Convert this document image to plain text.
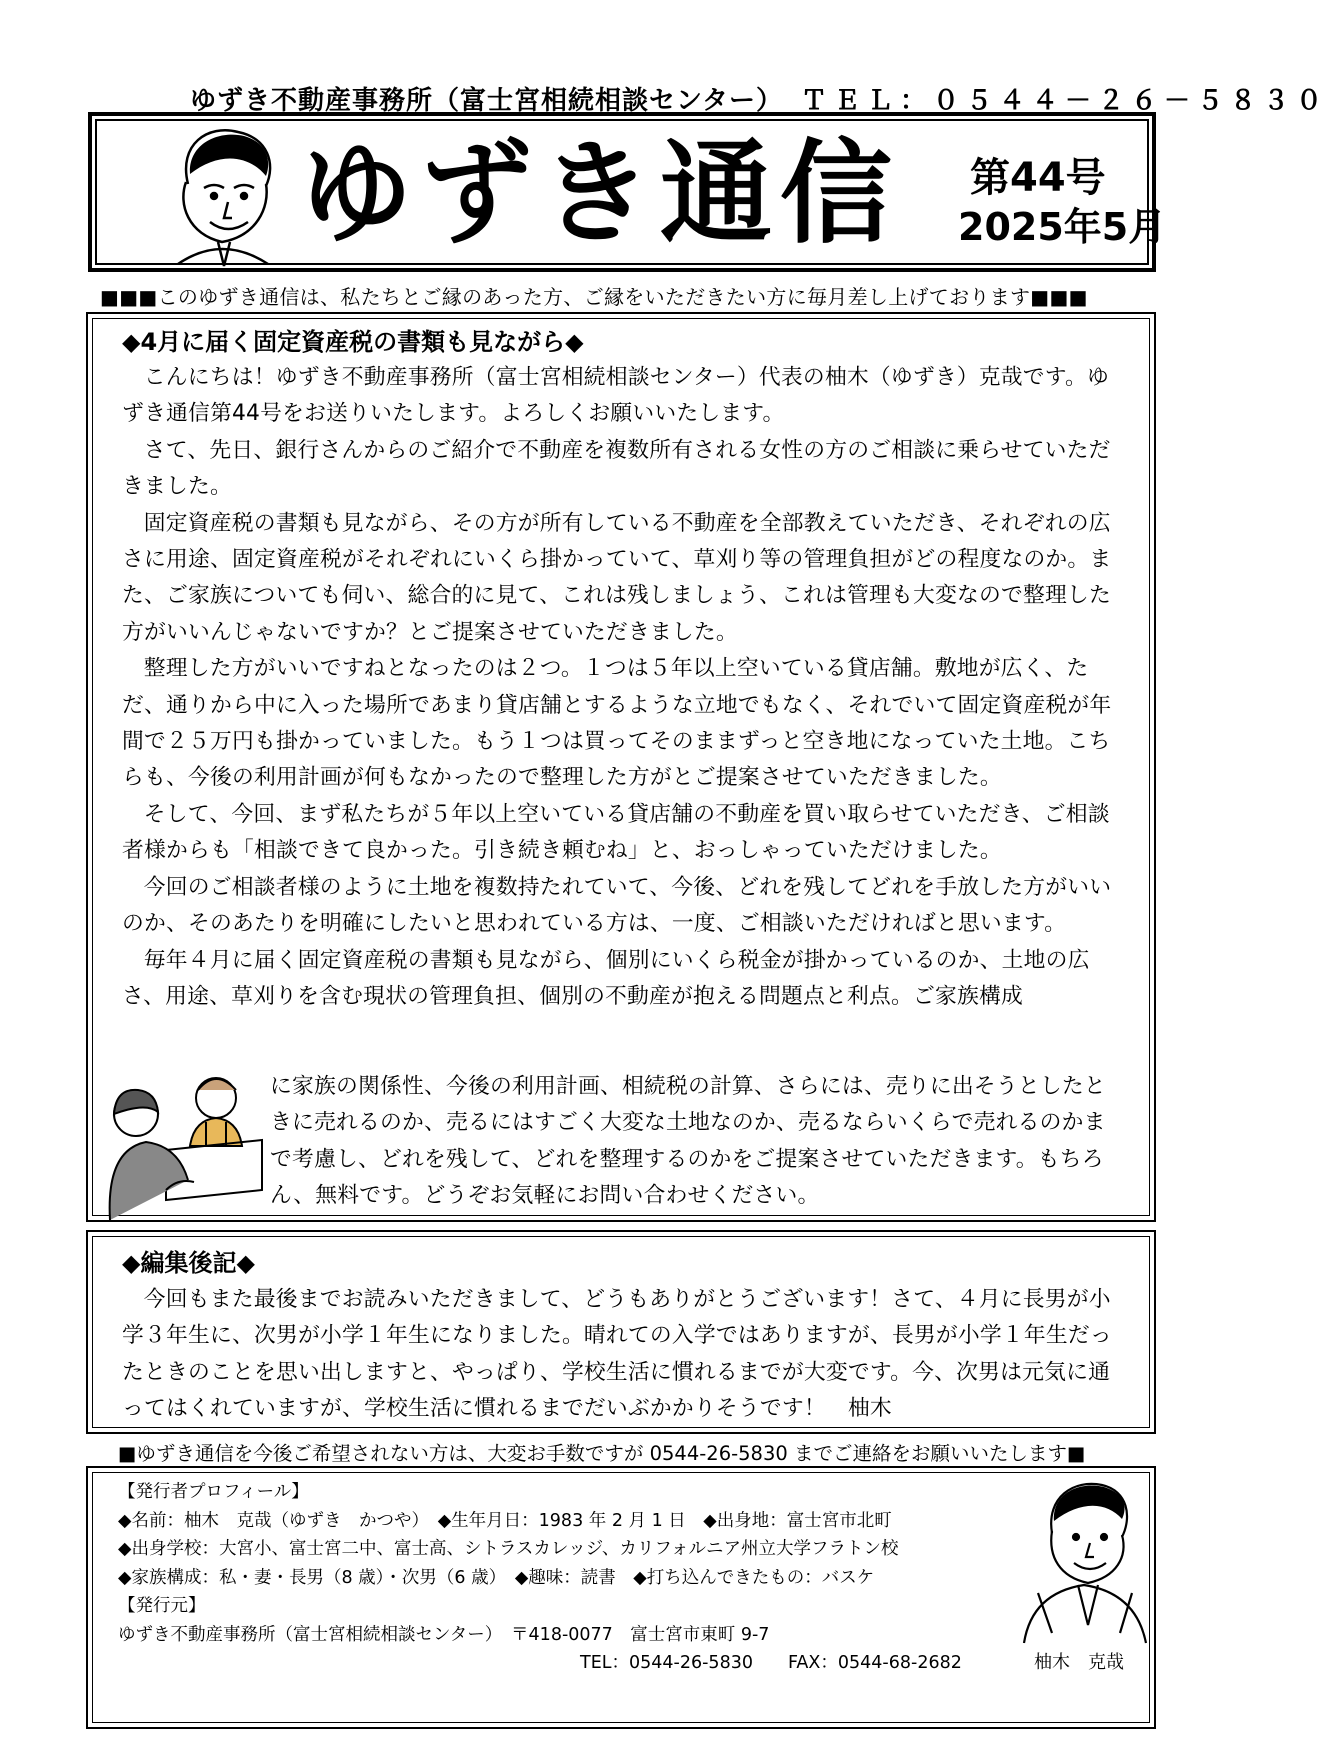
ゆずき不動産事務所（富士宮相続相談センター） ＴＥＬ：０５４４－２６－５８３０
ゆずき通信 第44号
2025年5月
■■■このゆずき通信は、私たちとご縁のあった方、ご縁をいただきたい方に毎月差し上げております■■■
◆4月に届く固定資産税の書類も見ながら◆

こんにちは！ゆずき不動産事務所（富士宮相続相談センター）代表の柚木（ゆずき）克哉です。ゆずき通信第44号をお送りいたします。よろしくお願いいたします。

さて、先日、銀行さんからのご紹介で不動産を複数所有される女性の方のご相談に乗らせていただきました。

固定資産税の書類も見ながら、その方が所有している不動産を全部教えていただき、それぞれの広さに用途、固定資産税がそれぞれにいくら掛かっていて、草刈り等の管理負担がどの程度なのか。また、ご家族についても伺い、総合的に見て、これは残しましょう、これは管理も大変なので整理した方がいいんじゃないですか？とご提案させていただきました。

整理した方がいいですねとなったのは２つ。１つは５年以上空いている貸店舗。敷地が広く、ただ、通りから中に入った場所であまり貸店舗とするような立地でもなく、それでいて固定資産税が年間で２５万円も掛かっていました。もう１つは買ってそのままずっと空き地になっていた土地。こちらも、今後の利用計画が何もなかったので整理した方がとご提案させていただきました。

そして、今回、まず私たちが５年以上空いている貸店舗の不動産を買い取らせていただき、ご相談者様からも「相談できて良かった。引き続き頼むね」と、おっしゃっていただけました。

今回のご相談者様のように土地を複数持たれていて、今後、どれを残してどれを手放した方がいいのか、そのあたりを明確にしたいと思われている方は、一度、ご相談いただければと思います。

毎年４月に届く固定資産税の書類も見ながら、個別にいくら税金が掛かっているのか、土地の広さ、用途、草刈りを含む現状の管理負担、個別の不動産が抱える問題点と利点。ご家族構成

に家族の関係性、今後の利用計画、相続税の計算、さらには、売りに出そうとしたときに売れるのか、売るにはすごく大変な土地なのか、売るならいくらで売れるのかまで考慮し、どれを残して、どれを整理するのかをご提案させていただきます。もちろん、無料です。どうぞお気軽にお問い合わせください。

◆編集後記◆

今回もまた最後までお読みいただきまして、どうもありがとうございます！さて、４月に長男が小学３年生に、次男が小学１年生になりました。晴れての入学ではありますが、長男が小学１年生だったときのことを思い出しますと、やっぱり、学校生活に慣れるまでが大変です。今、次男は元気に通ってはくれていますが、学校生活に慣れるまでだいぶかかりそうです！　柚木

■ゆずき通信を今後ご希望されない方は、大変お手数ですが 0544-26-5830 までご連絡をお願いいたします■
【発行者プロフィール】
◆名前：柚木　克哉（ゆずき　かつや）　◆生年月日：1983 年 2 月 1 日　◆出身地：富士宮市北町
◆出身学校：大宮小、富士宮二中、富士高、シトラスカレッジ、カリフォルニア州立大学フラトン校
◆家族構成：私・妻・長男（8 歳）・次男（6 歳）　◆趣味：読書　◆打ち込んできたもの：バスケ
【発行元】
ゆずき不動産事務所（富士宮相続相談センター）　〒418-0077　富士宮市東町 9-7
TEL：0544-26-5830　　FAX：0544-68-2682	柚木　克哉
